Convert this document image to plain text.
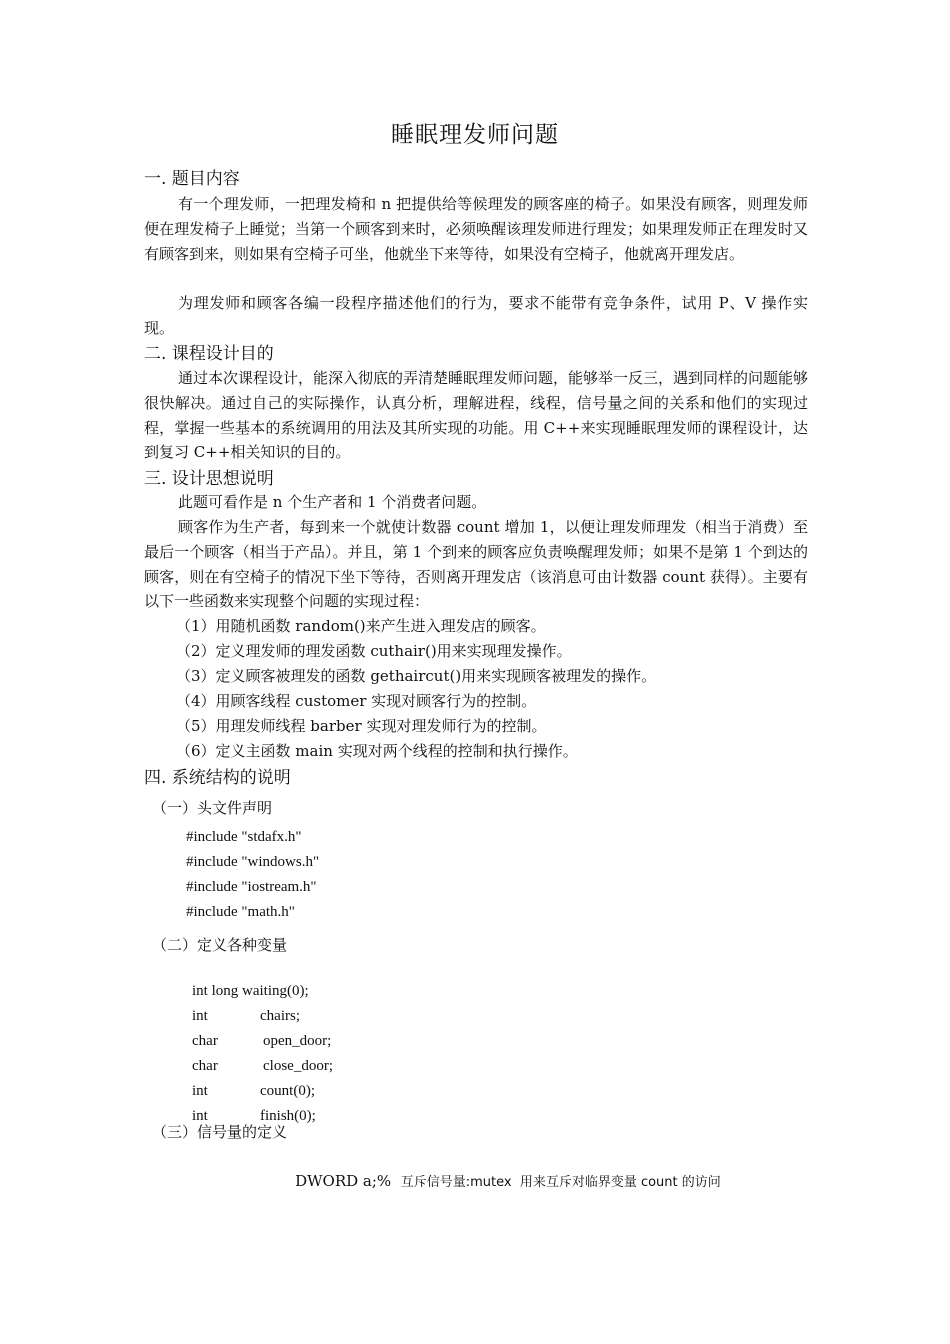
睡眠理发师问题
一. 题目内容

有一个理发师，一把理发椅和 n 把提供给等候理发的顾客座的椅子。如果没有顾客，则理发师便在理发椅子上睡觉；当第一个顾客到来时，必须唤醒该理发师进行理发；如果理发师正在理发时又有顾客到来，则如果有空椅子可坐，他就坐下来等待，如果没有空椅子，他就离开理发店。

为理发师和顾客各编一段程序描述他们的行为，要求不能带有竞争条件，试用 P、V 操作实现。

二. 课程设计目的

通过本次课程设计，能深入彻底的弄清楚睡眠理发师问题，能够举一反三，遇到同样的问题能够很快解决。通过自己的实际操作，认真分析，理解进程，线程，信号量之间的关系和他们的实现过程，掌握一些基本的系统调用的用法及其所实现的功能。用 C++来实现睡眠理发师的课程设计，达到复习 C++相关知识的目的。

三. 设计思想说明

此题可看作是 n 个生产者和 1 个消费者问题。

顾客作为生产者，每到来一个就使计数器 count 增加 1，以便让理发师理发（相当于消费）至最后一个顾客（相当于产品）。并且，第 1 个到来的顾客应负责唤醒理发师；如果不是第 1 个到达的顾客，则在有空椅子的情况下坐下等待，否则离开理发店（该消息可由计数器 count 获得）。主要有以下一些函数来实现整个问题的实现过程：

（1）用随机函数 random()来产生进入理发店的顾客。
（2）定义理发师的理发函数 cuthair()用来实现理发操作。
（3）定义顾客被理发的函数 gethaircut()用来实现顾客被理发的操作。
（4）用顾客线程 customer 实现对顾客行为的控制。
（5）用理发师线程 barber 实现对理发师行为的控制。
（6）定义主函数 main 实现对两个线程的控制和执行操作。
四. 系统结构的说明
（一）头文件声明
#include "stdafx.h"
#include "windows.h"
#include "iostream.h"
#include "math.h"
（二）定义各种变量

int long waiting(0);

int	chairs;

char	open_door;

char	close_door;

int	count(0);

int	finish(0);

（三）信号量的定义

DWORD a;% 互斥信号量:mutex  用来互斥对临界变量 count 的访问
